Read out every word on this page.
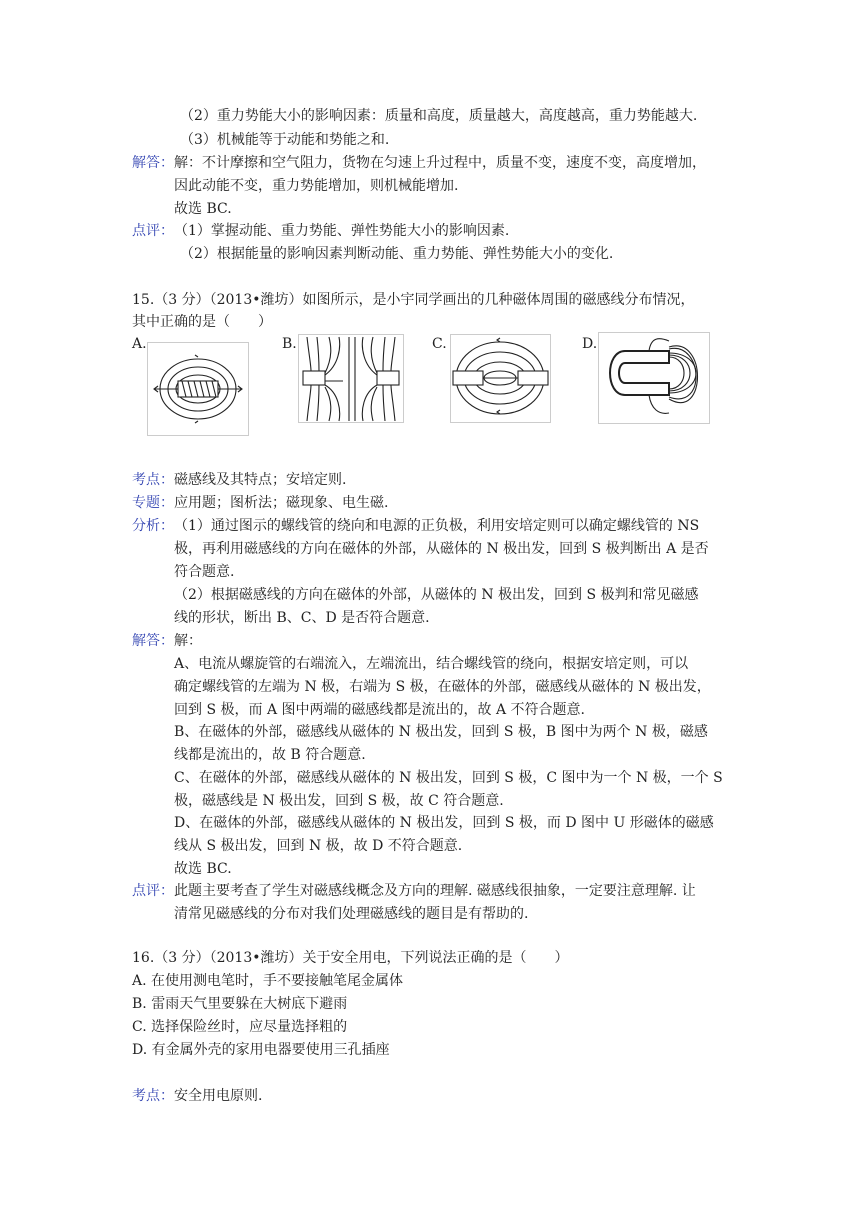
（2）重力势能大小的影响因素：质量和高度，质量越大，高度越高，重力势能越大.
（3）机械能等于动能和势能之和.
解答： 解：不计摩擦和空气阻力，货物在匀速上升过程中，质量不变，速度不变，高度增加，
因此动能不变，重力势能增加，则机械能增加.
故选 BC.
点评： （1）掌握动能、重力势能、弹性势能大小的影响因素.
（2）根据能量的影响因素判断动能、重力势能、弹性势能大小的变化.
15.（3 分）（2013•潍坊）如图所示，是小宇同学画出的几种磁体周围的磁感线分布情况，
其中正确的是（　　）
A.	B.	C.	D.
考点： 磁感线及其特点；安培定则.
专题： 应用题；图析法；磁现象、电生磁.
分析： （1）通过图示的螺线管的绕向和电源的正负极，利用安培定则可以确定螺线管的 NS
极，再利用磁感线的方向在磁体的外部，从磁体的 N 极出发，回到 S 极判断出 A 是否
符合题意.
（2）根据磁感线的方向在磁体的外部，从磁体的 N 极出发，回到 S 极判和常见磁感
线的形状，断出 B、C、D 是否符合题意.
解答： 解：
A、电流从螺旋管的右端流入，左端流出，结合螺线管的绕向，根据安培定则，可以
确定螺线管的左端为 N 极，右端为 S 极，在磁体的外部，磁感线从磁体的 N 极出发，
回到 S 极，而 A 图中两端的磁感线都是流出的，故 A 不符合题意.
B、在磁体的外部，磁感线从磁体的 N 极出发，回到 S 极，B 图中为两个 N 极，磁感
线都是流出的，故 B 符合题意.
C、在磁体的外部，磁感线从磁体的 N 极出发，回到 S 极，C 图中为一个 N 极，一个 S
极，磁感线是 N 极出发，回到 S 极，故 C 符合题意.
D、在磁体的外部，磁感线从磁体的 N 极出发，回到 S 极，而 D 图中 U 形磁体的磁感
线从 S 极出发，回到 N 极，故 D 不符合题意.
故选 BC.
点评： 此题主要考查了学生对磁感线概念及方向的理解. 磁感线很抽象，一定要注意理解. 让
清常见磁感线的分布对我们处理磁感线的题目是有帮助的.
16.（3 分）（2013•潍坊）关于安全用电，下列说法正确的是（　　）
A. 在使用测电笔时，手不要接触笔尾金属体
B. 雷雨天气里要躲在大树底下避雨
C. 选择保险丝时，应尽量选择粗的
D. 有金属外壳的家用电器要使用三孔插座
考点： 安全用电原则.
